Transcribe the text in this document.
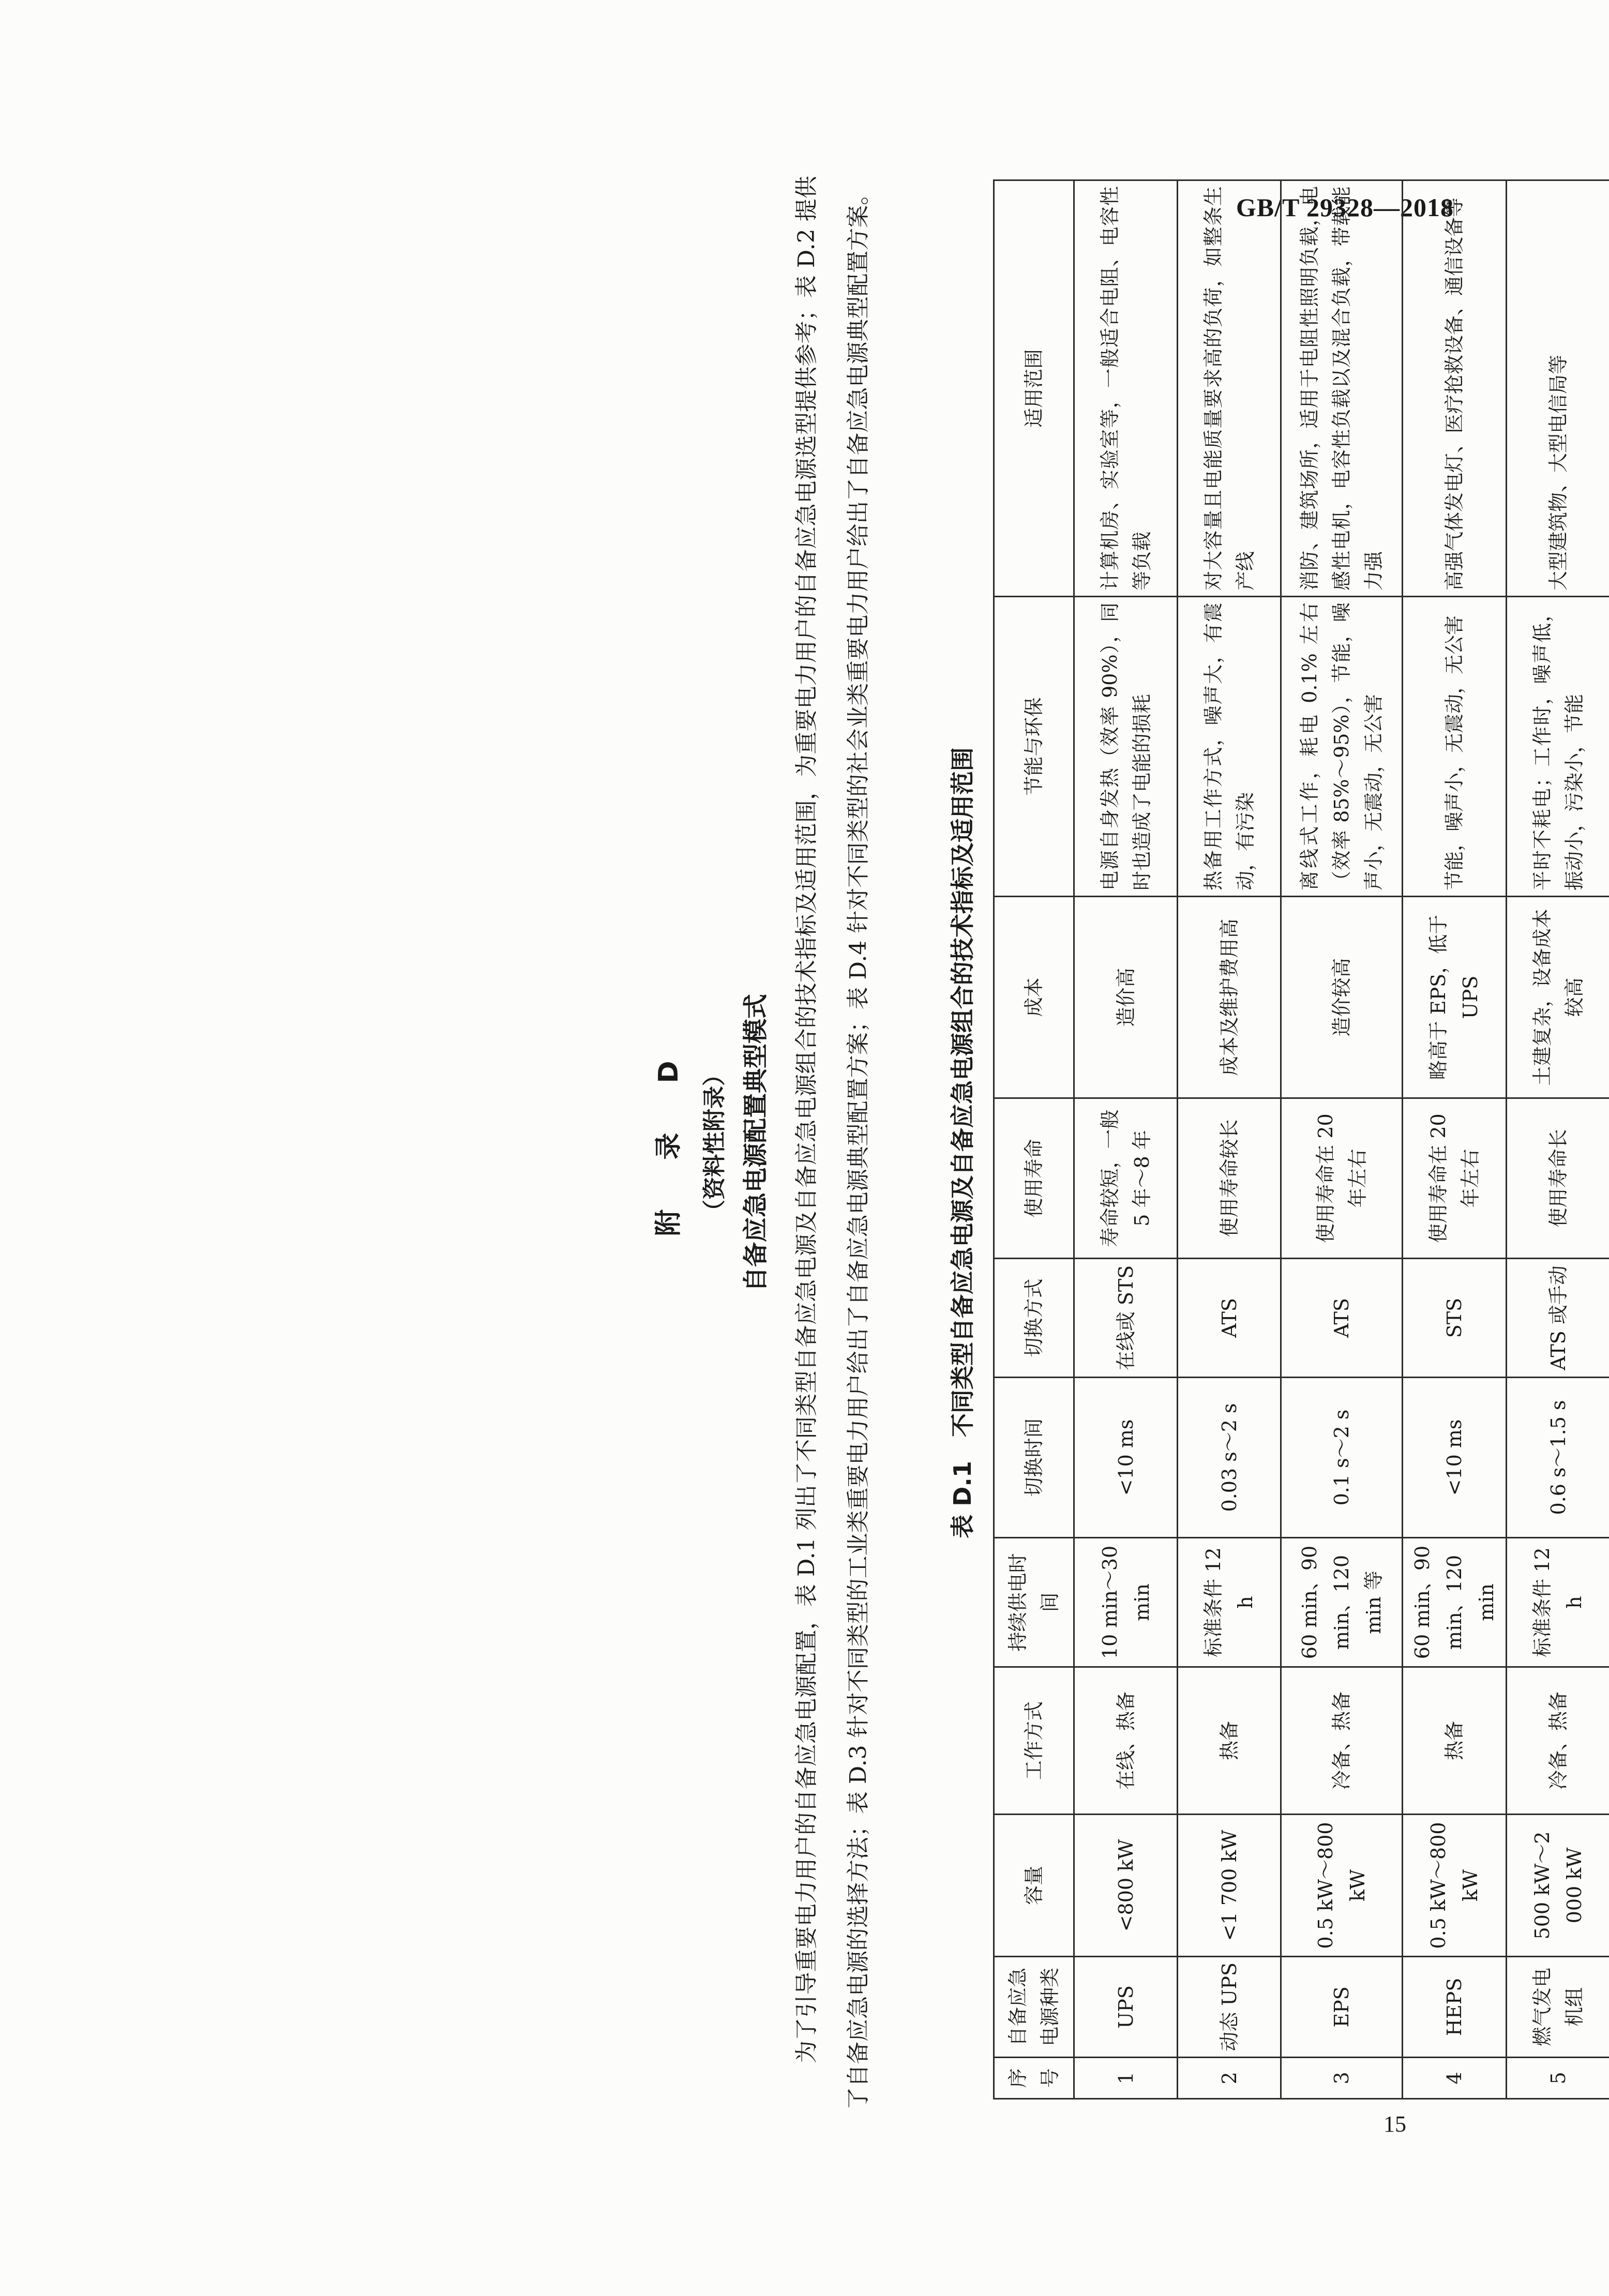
GB/T 29328—2018
附　录　D （资料性附录） 自备应急电源配置典型模式	为了引导重要电力用户的自备应急电源配置，表 D.1 列出了不同类型自备应急电源及自备应急电源组合的技术指标及适用范围，为重要电力用户的自备应急电源选型提供参考；表 D.2 提供了自备应急电源的选择方法；表 D.3 针对不同类型的工业类重要电力用户给出了自备应急电源典型配置方案；表 D.4 针对不同类型的社会业类重要电力用户给出了自备应急电源典型配置方案。	表 D.1　不同类型自备应急电源及自备应急电源组合的技术指标及适用范围
序号	自备应急电源种类	容量	工作方式	持续供电时间	切换时间	切换方式	使用寿命	成本	节能与环保	适用范围
1	UPS	<800 kW	在线、热备	10 min～30 min	<10 ms	在线或 STS	寿命较短，一般 5 年～8 年	造价高	电源自身发热（效率 90%），同时也造成了电能的损耗	计算机房、实验室等，一般适合电阻、电容性等负载
2	动态 UPS	<1 700 kW	热备	标准条件 12 h	0.03 s～2 s	ATS	使用寿命较长	成本及维护费用高	热备用工作方式，噪声大，有震动，有污染	对大容量且电能质量要求高的负荷，如整条生产线
3	EPS	0.5 kW～800 kW	冷备、热备	60 min、90 min、120 min 等	0.1 s～2 s	ATS	使用寿命在 20 年左右	造价较高	离线式工作，耗电 0.1% 左右（效率 85%～95%），节能，噪声小，无震动，无公害	消防、建筑场所，适用于电阻性照明负载，电感性电机，电容性负载以及混合负载，带载能力强
4	HEPS	0.5 kW～800 kW	热备	60 min、90 min、120 min	<10 ms	STS	使用寿命在 20 年左右	略高于 EPS，低于 UPS	节能，噪声小，无震动，无公害	高强气体发电灯、医疗抢救设备、通信设备等
5	燃气发电机组	500 kW～2 000 kW	冷备、热备	标准条件 12 h	0.6 s～1.5 s	ATS 或手动	使用寿命长	土建复杂，设备成本较高	平时不耗电；工作时，噪声低，振动小，污染小，节能	大型建筑物、大型电信局等
15
